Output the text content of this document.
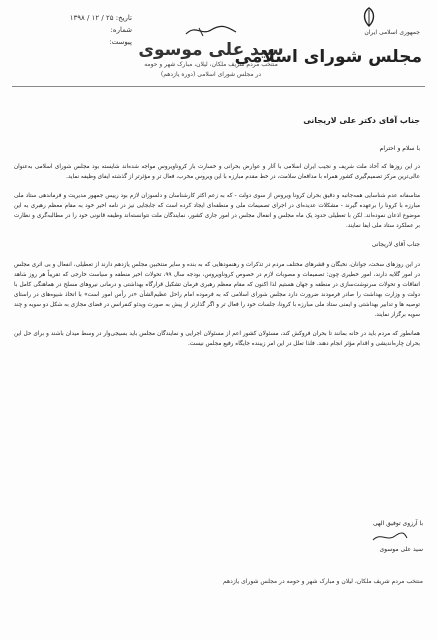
تاریخ: ۲۵ / ۱۲ / ۱۳۹۸
شماره:
پیوست: سید علی موسوی
منتخب مردم شریف ملکان، لیلان، مبارک شهر و حومه
در مجلس شورای اسلامی (دوره یازدهم)
جمهوری اسلامی ایران
مجلس شورای اسلامی
جناب آقای دکتر علی لاریجانی
با سلام و احترام

در این روزها که آحاد ملت شریف و نجیب ایران اسلامی با آثار و عوارض بحرانی و خسارت بار کروناویروس مواجه شده‌اند شایسته بود مجلس شورای اسلامی به‌عنوان عالی‌ترین مرکز تصمیم‌گیری کشور همراه با مدافعان سلامت، در خط مقدم مبارزه با این ویروس مخرب، فعال تر و مؤثرتر از گذشته ایفای وظیفه نماید.

متاسفانه عدم شناسایی همه‌جانبه و دقیق بحران کرونا ویروس از سوی دولت - که به زعم اکثر کارشناسان و دلسوزان لازم بود رییس جمهور مدیریت و فرماندهی ستاد ملی مبارزه با کرونا را برعهده گیرند - مشکلات عدیده‌ای در اجرای تصمیمات ملی و منطقه‌ای ایجاد کرده است که جابجایی نیز در نامه اخیر خود به مقام معظم رهبری به این موضوع اذعان نموده‌اند. لکن با تعطیلی حدود یک ماه مجلس و انفعال مجلس در امور جاری کشور، نمایندگان ملت نتوانسته‌اند وظیفه قانونی خود را در مطالبه‌گری و نظارت بر عملکرد ستاد ملی ایفا نمایند.

جناب آقای لاریجانی

در این روزهای سخت، جوانان، نخبگان و قشرهای مختلف مردم در تذکرات و رهنمودهایی که به بنده و سایر منتخبین مجلس یازدهم دارند از تعطیلی، انفعال و بی اثری مجلس در امور گلایه دارند، امور خطیری چون: تصمیمات و مصوبات لازم در خصوص کروناویروس، بودجه سال ۹۹، تحولات اخیر منطقه و سیاست خارجی که تقریباً هر روز شاهد اتفاقات و تحولات سرنوشت‌سازی در منطقه و جهان هستیم لذا اکنون که مقام معظم رهبری فرمان تشکیل قرارگاه بهداشتی و درمانی نیروهای مسلح در هماهنگی کامل با دولت و وزارت بهداشت را صادر فرمودند ضرورت دارد مجلس شورای اسلامی که به فرموده امام راحل عظیم‌الشأن «در رأس امور است» با اتخاذ شیوه‌های در راستای توصیه ها و تدابیر بهداشتی و ایمنی ستاد ملی مبارزه با کرونا، جلسات خود را فعال تر و اگر گذارتر از پیش به صورت ویدئو کنفرانس در فضای مجازی به شکل دو سویه و چند سویه برگزار نمایند.

همانطور که مردم باید در خانه بمانند تا بحران فروکش کند، مسئولان کشور اعم از مسئولان اجرایی و نمایندگان مجلس باید بسیجی‌وار در وسط میدان باشند و برای حل این بحران چاره‌اندیشی و اقدام مؤثر انجام دهند. فلذا تعلل در این امر زیبنده جایگاه رفیع مجلس نیست.

با آرزوی توفیق الهی
سید علی موسوی
منتخب مردم شریف ملکان، لیلان و مبارک شهر و حومه در مجلس شورای یازدهم
